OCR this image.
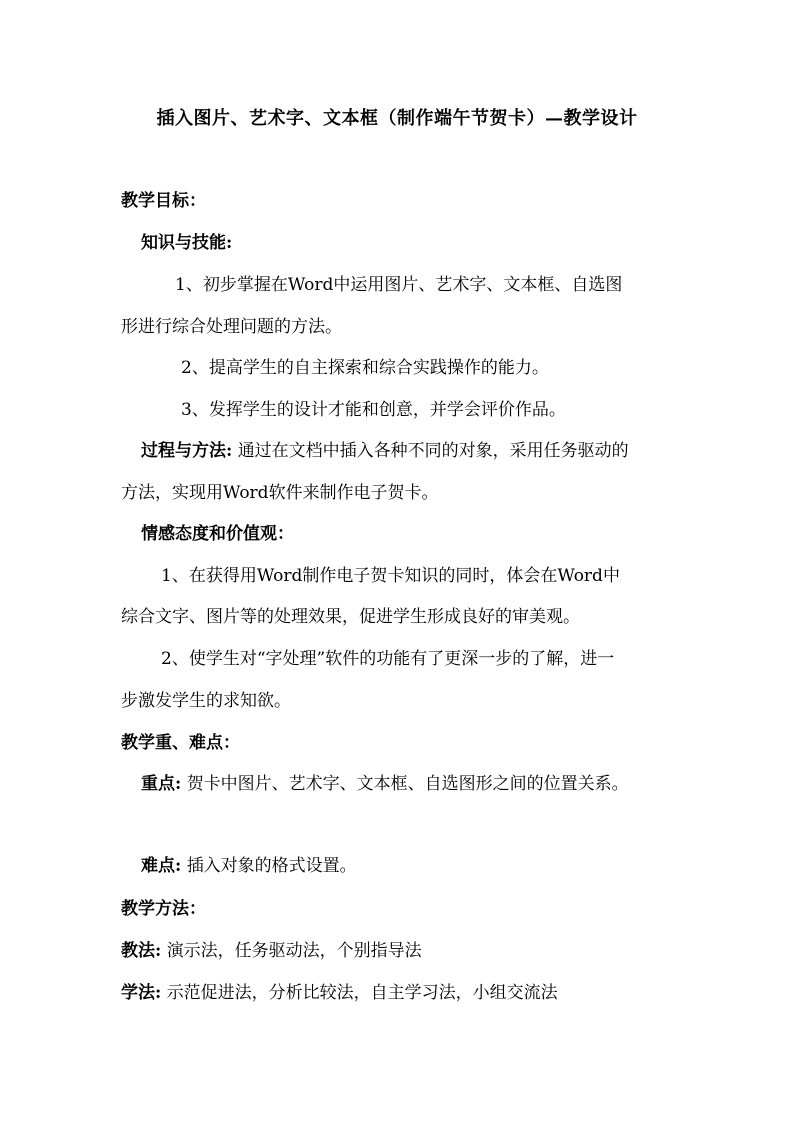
插入图片、艺术字、文本框（制作端午节贺卡）—教学设计
教学目标：
知识与技能:
1、初步掌握在Word中运用图片、艺术字、文本框、自选图
形进行综合处理问题的方法。
2、提高学生的自主探索和综合实践操作的能力。
3、发挥学生的设计才能和创意，并学会评价作品。
过程与方法: 通过在文档中插入各种不同的对象，采用任务驱动的
方法，实现用Word软件来制作电子贺卡。
情感态度和价值观：
1、在获得用Word制作电子贺卡知识的同时，体会在Word中
综合文字、图片等的处理效果，促进学生形成良好的审美观。
2、使学生对“字处理”软件的功能有了更深一步的了解，进一
步激发学生的求知欲。
教学重、难点：
重点: 贺卡中图片、艺术字、文本框、自选图形之间的位置关系。
难点: 插入对象的格式设置。
教学方法：
教法: 演示法，任务驱动法，个别指导法
学法: 示范促进法，分析比较法，自主学习法，小组交流法
